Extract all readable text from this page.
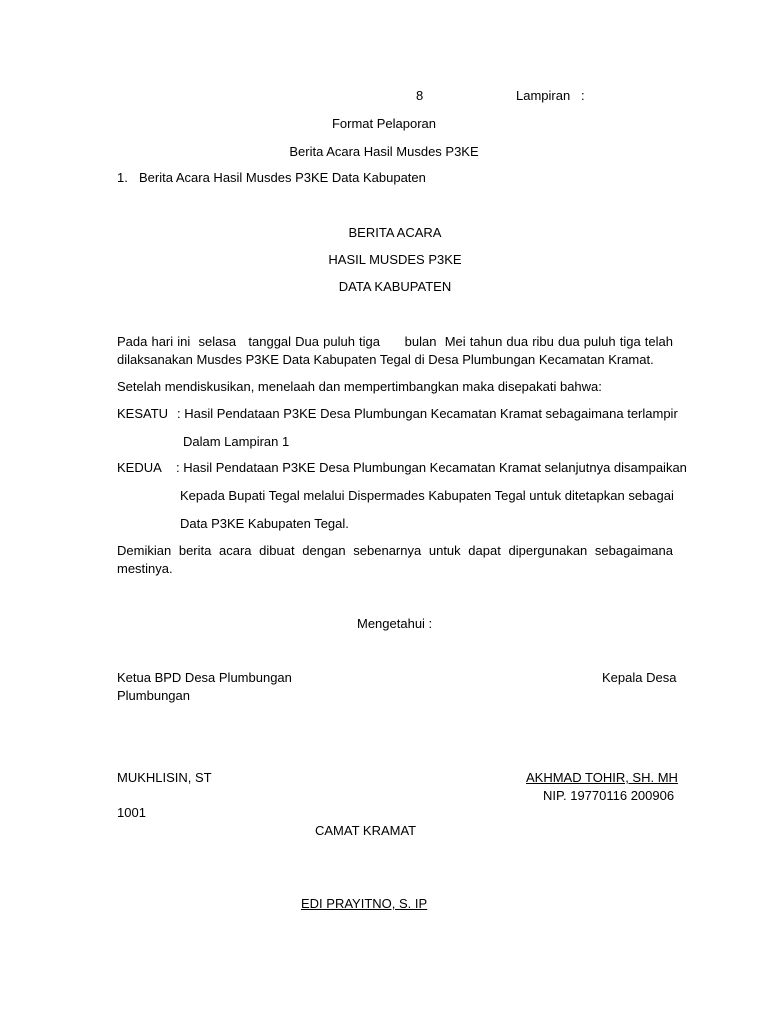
8	Lampiran   :
Format Pelaporan
Berita Acara Hasil Musdes P3KE
1. Berita Acara Hasil Musdes P3KE Data Kabupaten
BERITA ACARA
HASIL MUSDES P3KE
DATA KABUPATEN
Pada hari ini  selasa   tanggal Dua puluh tiga      bulan  Mei tahun dua ribu dua puluh tiga telah dilaksanakan Musdes P3KE Data Kabupaten Tegal di Desa Plumbungan Kecamatan Kramat.
Setelah mendiskusikan, menelaah dan mempertimbangkan maka disepakati bahwa:
KESATU : Hasil Pendataan P3KE Desa Plumbungan Kecamatan Kramat sebagaimana terlampir
Dalam Lampiran 1
KEDUA : Hasil Pendataan P3KE Desa Plumbungan Kecamatan Kramat selanjutnya disampaikan
Kepada Bupati Tegal melalui Dispermades Kabupaten Tegal untuk ditetapkan sebagai
Data P3KE Kabupaten Tegal.
Demikian berita acara dibuat dengan sebenarnya untuk dapat dipergunakan sebagaimana mestinya.
Mengetahui :
Ketua BPD Desa Plumbungan	Kepala Desa
Plumbungan
MUKHLISIN, ST	AKHMAD TOHIR, SH. MH
NIP. 19770116 200906
1001
CAMAT KRAMAT
EDI PRAYITNO, S. IP
